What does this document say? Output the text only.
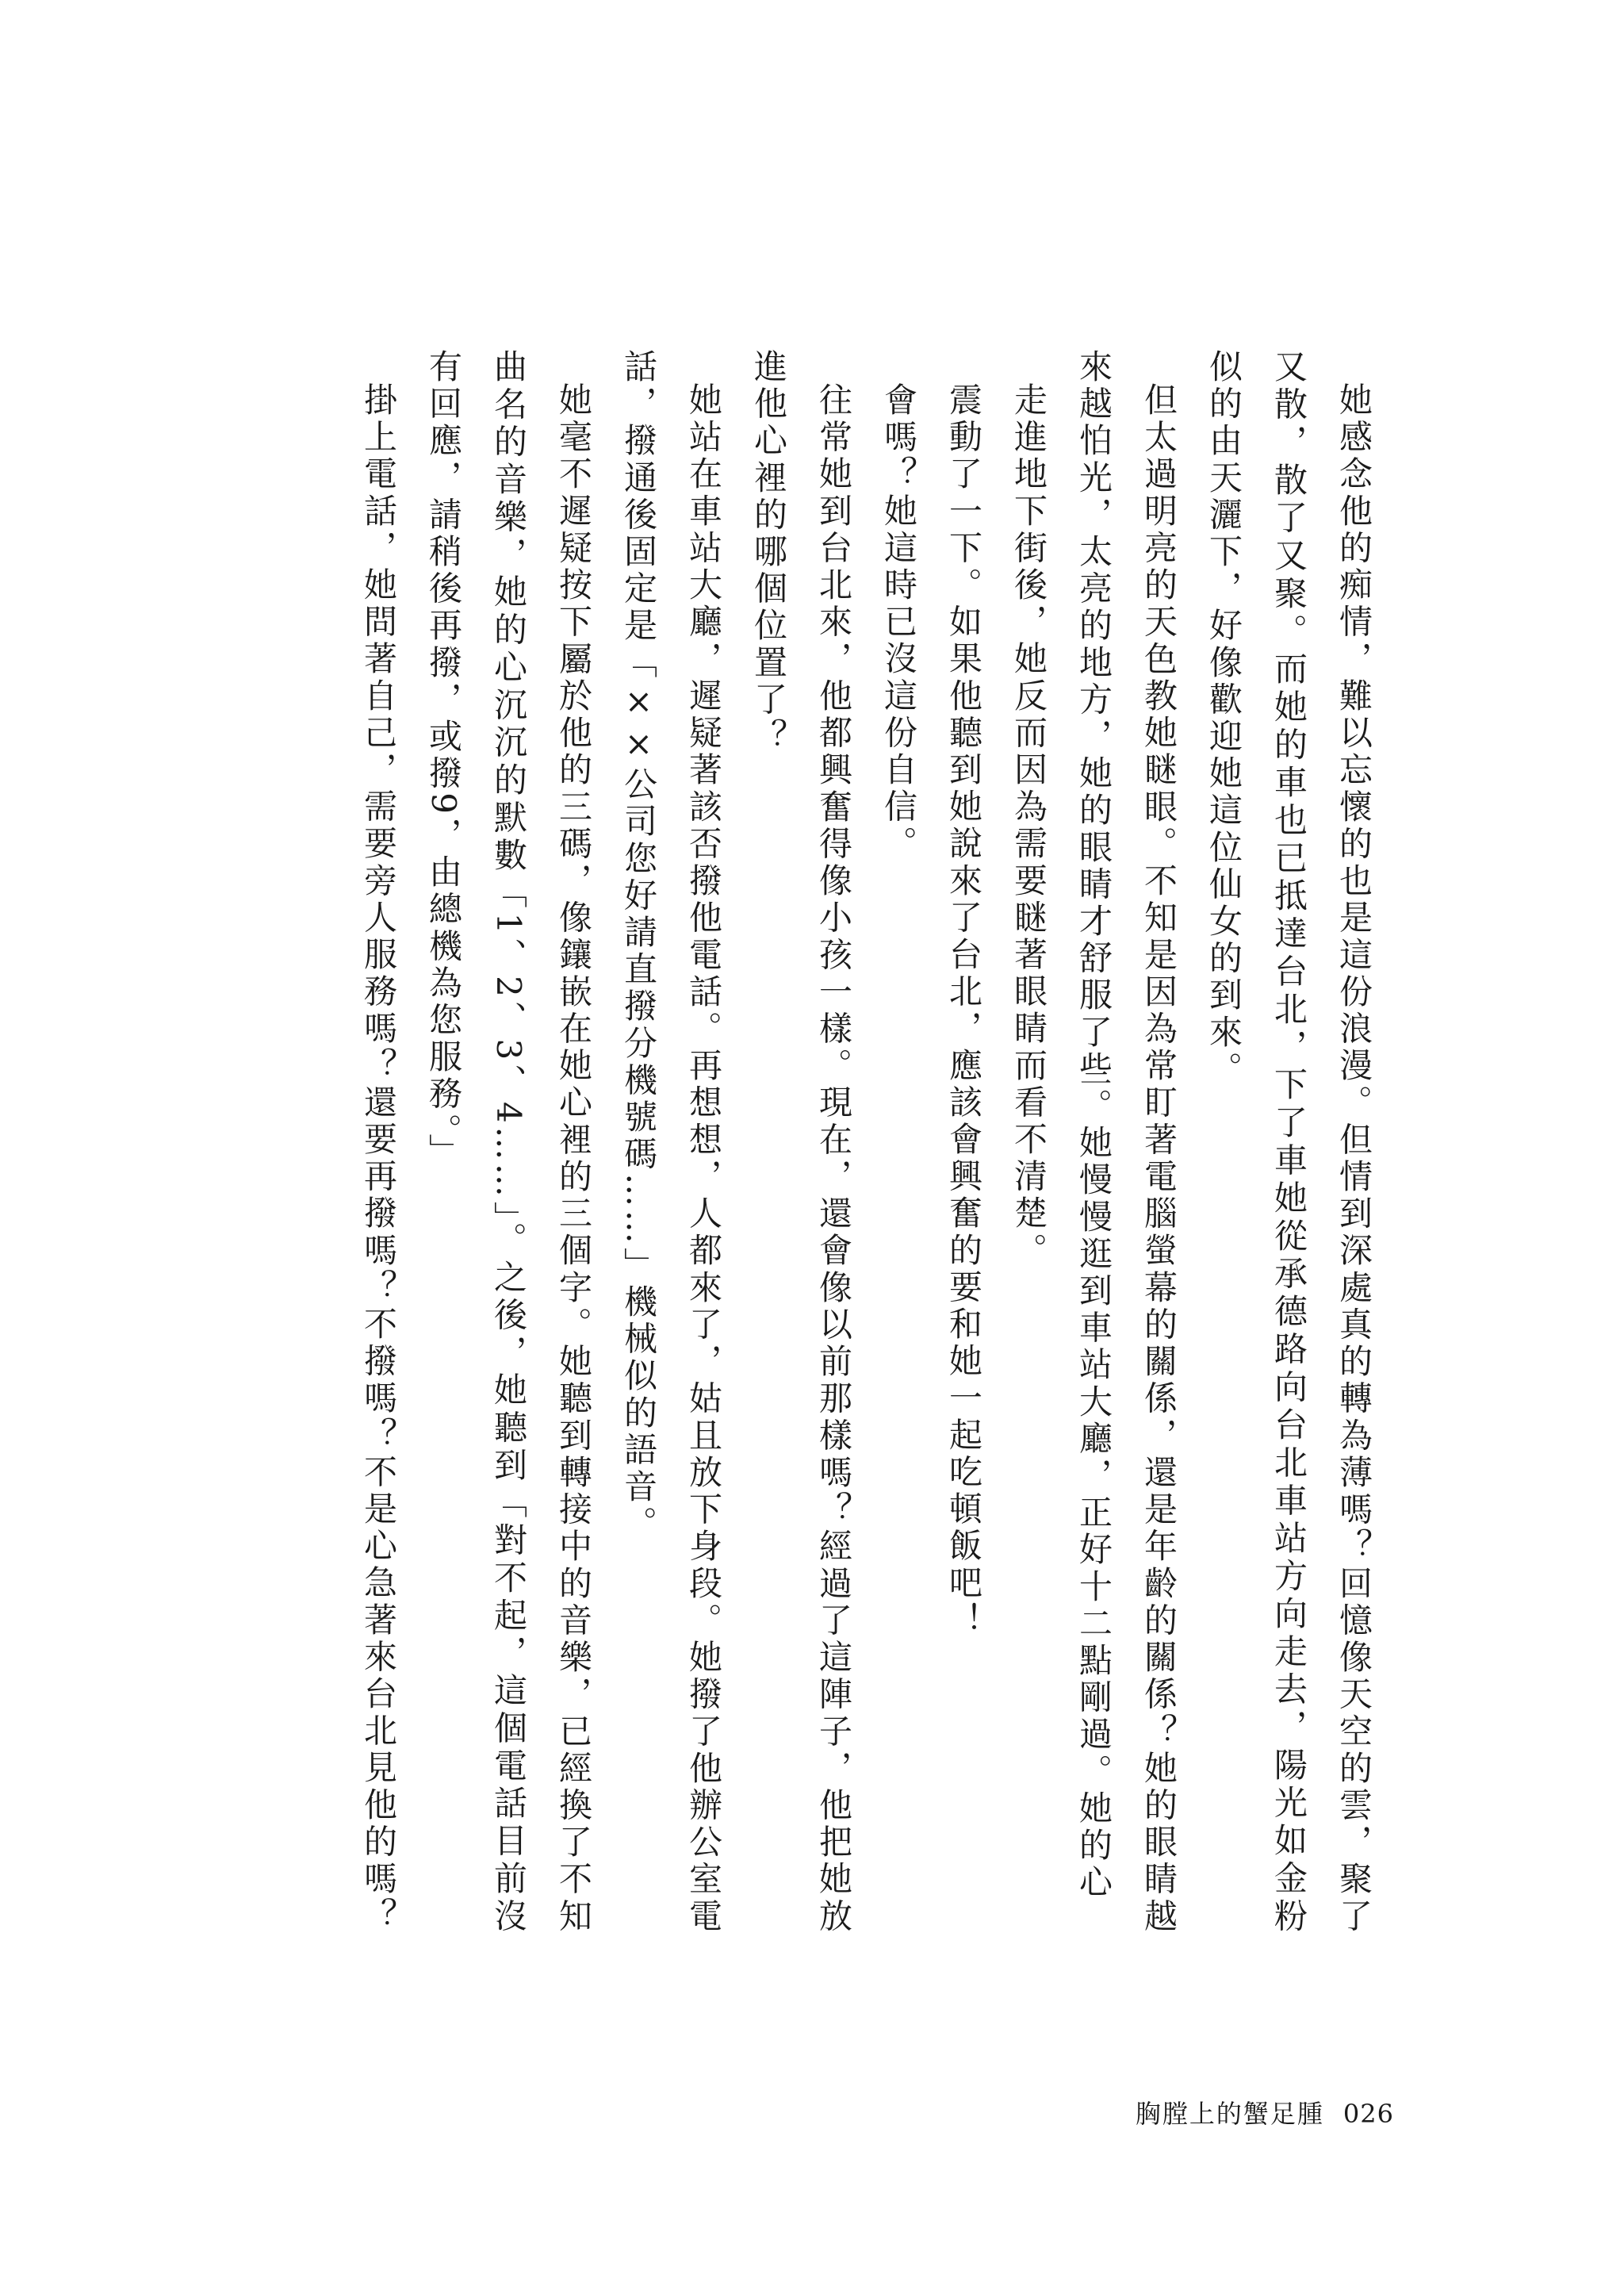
她感念他的痴情，難以忘懷的也是這份浪漫。但情到深處真的轉為薄嗎？回憶像天空的雲，聚了又散，散了又聚。而她的車也已抵達台北，下了車她從承德路向台北車站方向走去，陽光如金粉似的由天灑下，好像歡迎她這位仙女的到來。

但太過明亮的天色教她瞇眼。不知是因為常盯著電腦螢幕的關係，還是年齡的關係？她的眼睛越來越怕光，太亮的地方，她的眼睛才舒服了些。她慢慢逛到車站大廳，正好十二點剛過。她的心

走進地下街後，她反而因為需要瞇著眼睛而看不清楚。

震動了一下。如果他聽到她說來了台北，應該會興奮的要和她一起吃頓飯吧！

會嗎？她這時已沒這份自信。

往常她到台北來，他都興奮得像小孩一樣。現在，還會像以前那樣嗎？經過了這陣子，他把她放進他心裡的哪個位置了？

她站在車站大廳，遲疑著該否撥他電話。再想想，人都來了，姑且放下身段。她撥了他辦公室電話，撥通後固定是「××公司您好請直撥分機號碼……」機械似的語音。

她毫不遲疑按下屬於他的三碼，像鑲嵌在她心裡的三個字。她聽到轉接中的音樂，已經換了不知曲名的音樂，她的心沉沉的默數「1、2、3、4……」。之後，她聽到「對不起，這個電話目前沒有回應，請稍後再撥，或撥9，由總機為您服務。」

掛上電話，她問著自己，需要旁人服務嗎？還要再撥嗎？不撥嗎？不是心急著來台北見他的嗎？

胸膛上的蟹足腫 026
